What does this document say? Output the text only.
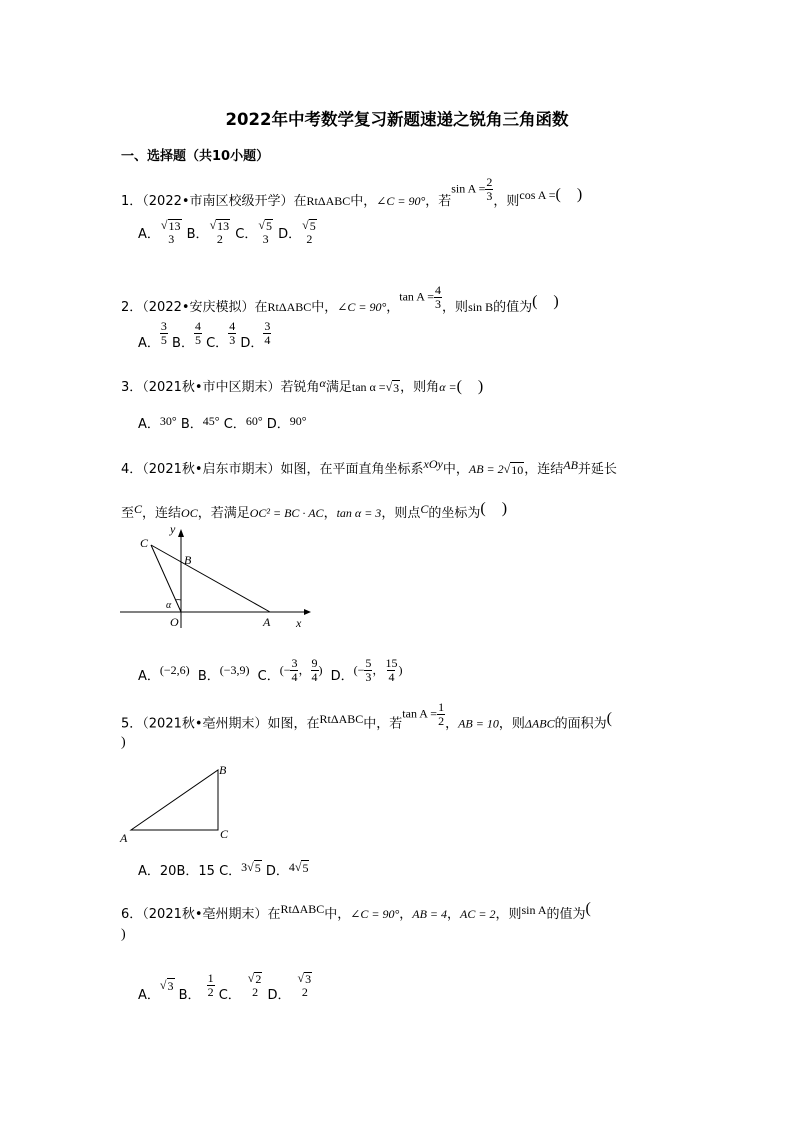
2022年中考数学复习新题速递之锐角三角函数
一、选择题（共10小题）
1．（2022•市南区校级开学）在RtΔABC中，∠C = 90°，若$\sin A = \frac{2}{3}$ ，则cos A =(　)
A．
√ 13
3 B．
√ 13
2 C．
√ 5
3 D．
√ 5
2
2．（2022•安庆模拟）在RtΔABC中，∠C = 90°，$\tan A = \frac{4}{3}$ ，则sin B的值为(　)
A． $\frac{3}{5}$ B． $\frac{4}{5}$ C． $\frac{4}{3}$ D． $\frac{3}{4}$
3．（2021秋•市中区期末）若锐角α满足tan α = √ 3 ，则角α =(　)
A．30° B．45° C．60° D．90°
4．（2021秋•启东市期末）如图，在平面直角坐标系xOy中，AB = 2 √ 10 ，连结AB并延长
至C，连结OC，若满足OC² = BC · AC，tan α = 3，则点C的坐标为(　)
C
B
O	A x
y
α
A．(−2,6) B．(−3,9) C．(− $\frac{3}{4}$ ， $\frac{9}{4}$ ) D．(− $\frac{5}{3}$ ， $\frac{15}{4}$ )
5．（2021秋•亳州期末）如图，在RtΔABC中，若$\tan A = \frac{1}{2}$ ，AB = 10，则ΔABC的面积为(
)
A
B
C
A．20B．15 C．3 √ 5 D．4 √ 5
6．（2021秋•亳州期末）在RtΔABC中，∠C = 90°，AB = 4，AC = 2，则sin A的值为(
)
A．
√ 3
B． $\frac{1}{2}$ C．
√ 2
2 D．
√ 3
2
